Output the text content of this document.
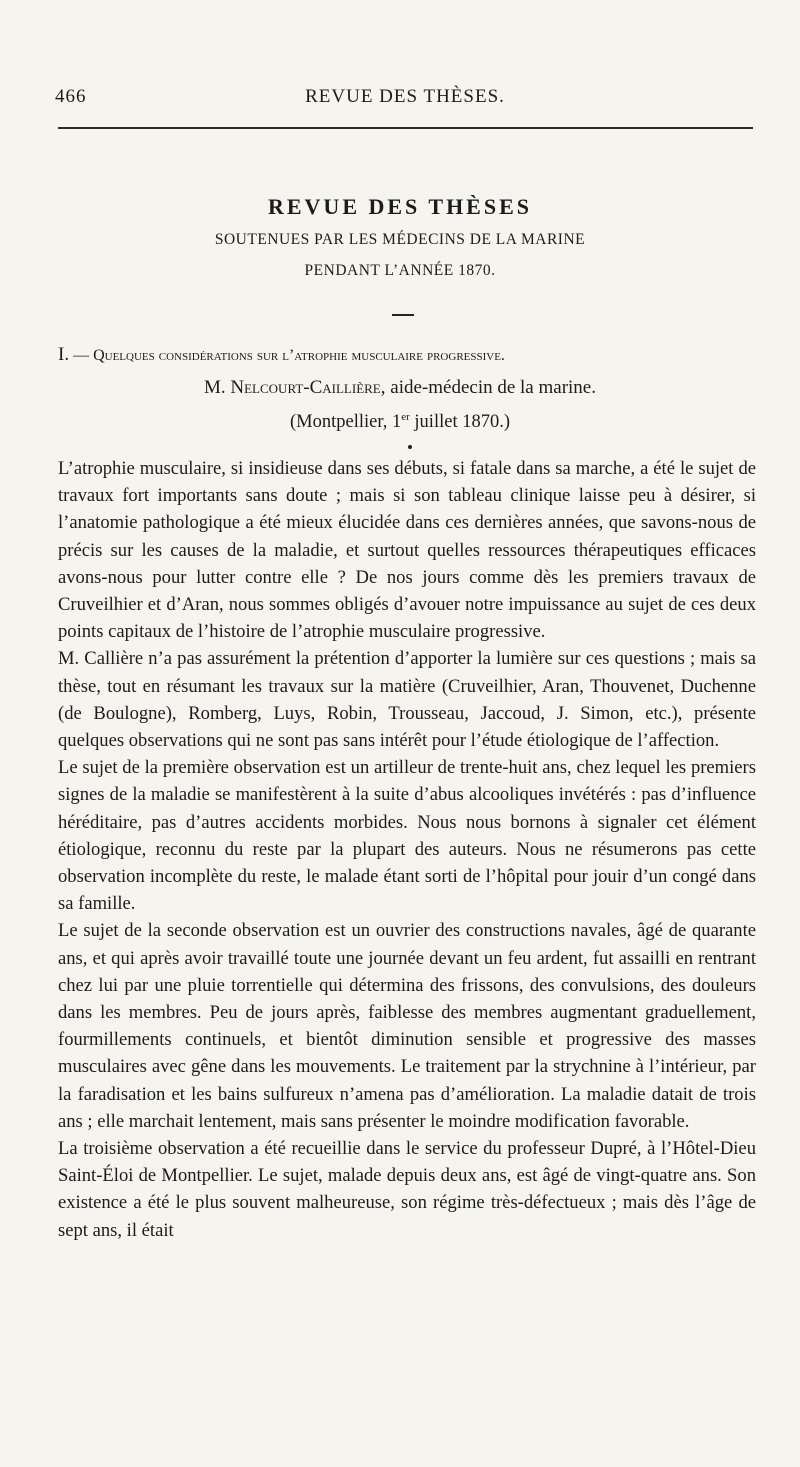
466	REVUE DES THÈSES.
REVUE DES THÈSES
SOUTENUES PAR LES MÉDECINS DE LA MARINE
PENDANT L’ANNÉE 1870.
I. — Quelques considérations sur l’atrophie musculaire progressive.
M. Nelcourt-Caillière, aide-médecin de la marine.
(Montpellier, 1er juillet 1870.)

L’atrophie musculaire, si insidieuse dans ses débuts, si fatale dans sa marche, a été le sujet de travaux fort importants sans doute ; mais si son tableau clinique laisse peu à désirer, si l’anatomie pathologique a été mieux élucidée dans ces dernières années, que savons-nous de précis sur les causes de la maladie, et surtout quelles ressources thérapeutiques efficaces avons-nous pour lutter contre elle ? De nos jours comme dès les premiers travaux de Cruveilhier et d’Aran, nous sommes obligés d’avouer notre impuissance au sujet de ces deux points capitaux de l’histoire de l’atrophie musculaire progressive.

M. Callière n’a pas assurément la prétention d’apporter la lumière sur ces questions ; mais sa thèse, tout en résumant les travaux sur la matière (Cruveilhier, Aran, Thouvenet, Duchenne (de Boulogne), Romberg, Luys, Robin, Trousseau, Jaccoud, J. Simon, etc.), présente quelques observations qui ne sont pas sans intérêt pour l’étude étiologique de l’affection.

Le sujet de la première observation est un artilleur de trente-huit ans, chez lequel les premiers signes de la maladie se manifestèrent à la suite d’abus alcooliques invétérés : pas d’influence héréditaire, pas d’autres accidents morbides. Nous nous bornons à signaler cet élément étiologique, reconnu du reste par la plupart des auteurs. Nous ne résumerons pas cette observation incomplète du reste, le malade étant sorti de l’hôpital pour jouir d’un congé dans sa famille.

Le sujet de la seconde observation est un ouvrier des constructions navales, âgé de quarante ans, et qui après avoir travaillé toute une journée devant un feu ardent, fut assailli en rentrant chez lui par une pluie torrentielle qui détermina des frissons, des convulsions, des douleurs dans les membres. Peu de jours après, faiblesse des membres augmentant graduellement, fourmillements continuels, et bientôt diminution sensible et progressive des masses musculaires avec gêne dans les mouvements. Le traitement par la strychnine à l’intérieur, par la faradisation et les bains sulfureux n’amena pas d’amélioration. La maladie datait de trois ans ; elle marchait lentement, mais sans présenter le moindre modification favorable.

La troisième observation a été recueillie dans le service du professeur Dupré, à l’Hôtel-Dieu Saint-Éloi de Montpellier. Le sujet, malade depuis deux ans, est âgé de vingt-quatre ans. Son existence a été le plus souvent malheureuse, son régime très-défectueux ; mais dès l’âge de sept ans, il était
